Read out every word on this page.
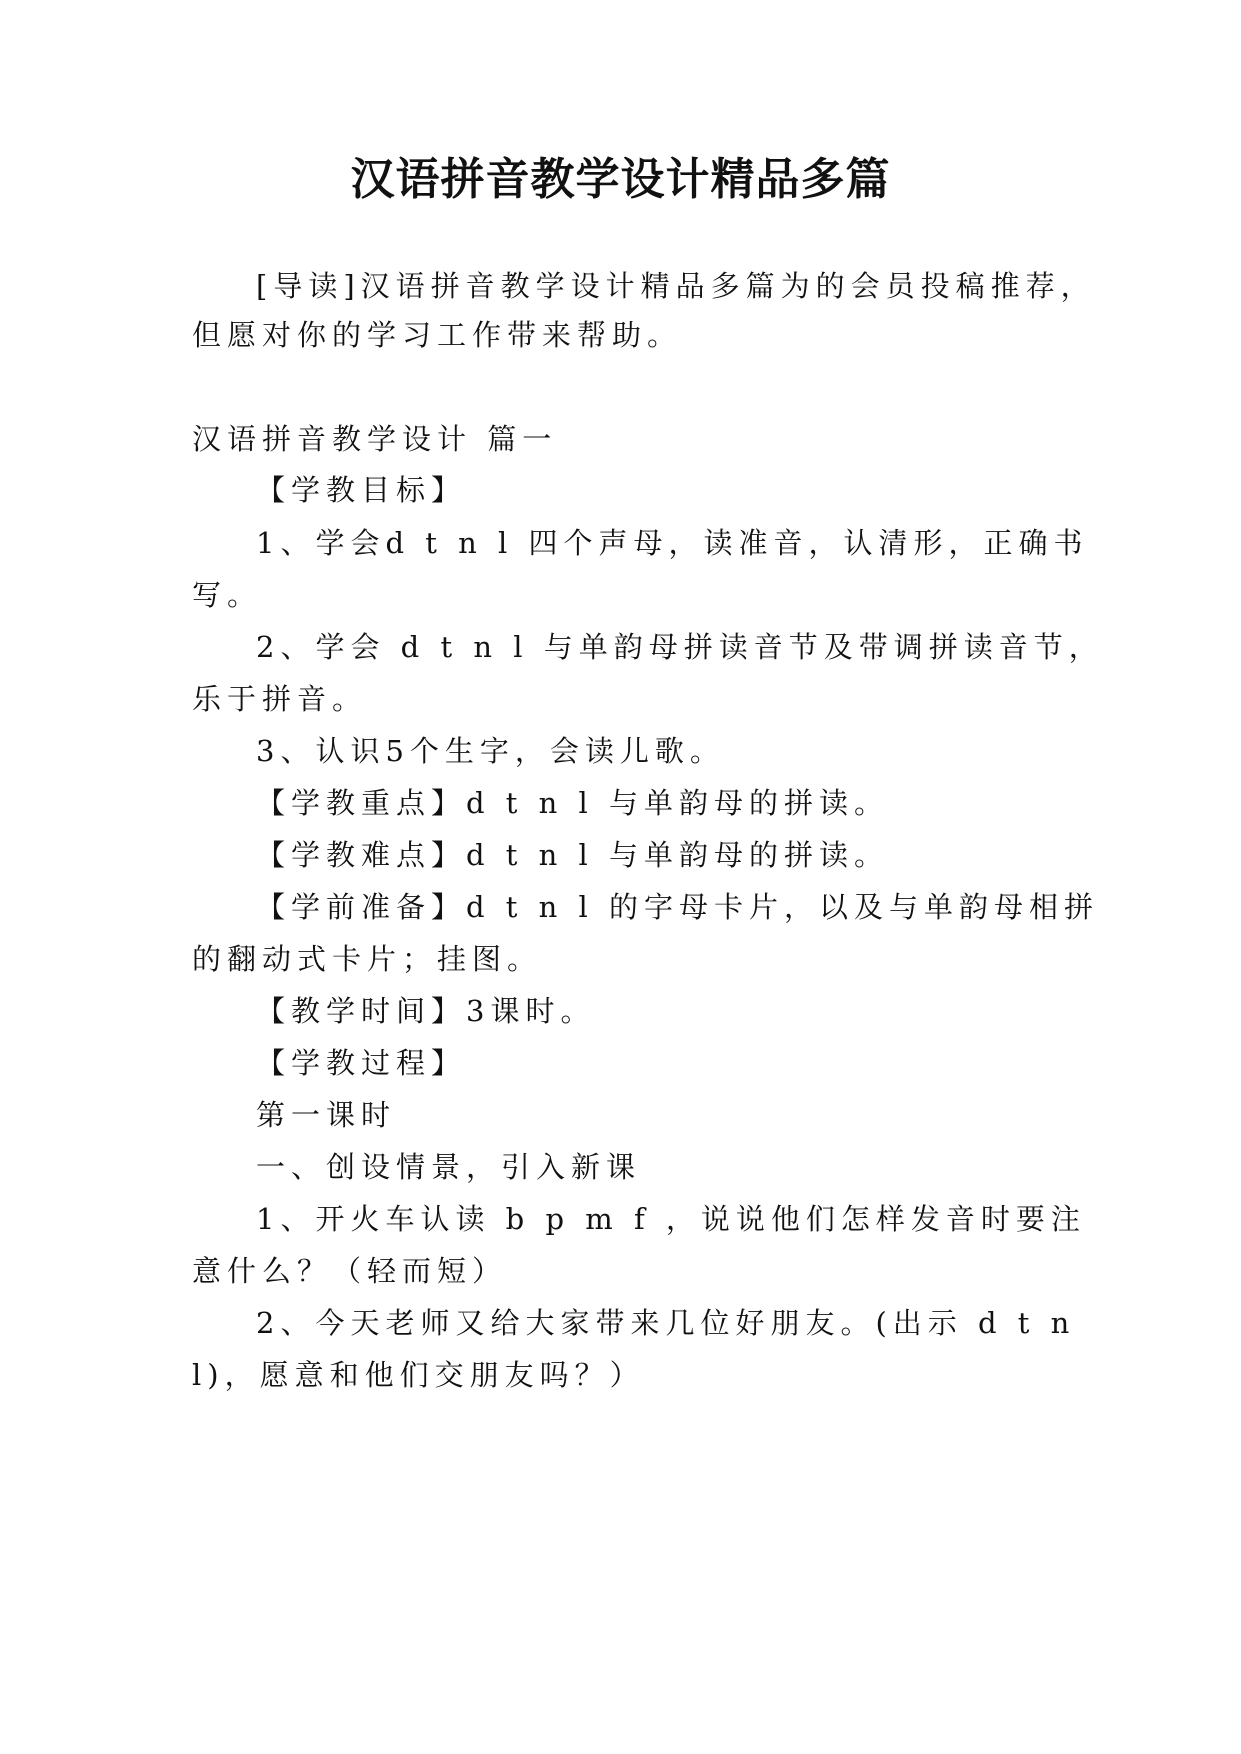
汉语拼音教学设计精品多篇
[导读]汉语拼音教学设计精品多篇为的会员投稿推荐，
但愿对你的学习工作带来帮助。
汉语拼音教学设计 篇一
【学教目标】
1、学会d t n l 四个声母，读准音，认清形，正确书
写。
2、学会 d t n l 与单韵母拼读音节及带调拼读音节，
乐于拼音。
3、认识5个生字，会读儿歌。
【学教重点】d t n l 与单韵母的拼读。
【学教难点】d t n l 与单韵母的拼读。
【学前准备】d t n l 的字母卡片，以及与单韵母相拼
的翻动式卡片；挂图。
【教学时间】3课时。
【学教过程】
第一课时
一、创设情景，引入新课
1、开火车认读 b p m f ，说说他们怎样发音时要注
意什么？（轻而短）
2、今天老师又给大家带来几位好朋友。(出示 d t n
l)，愿意和他们交朋友吗？）
